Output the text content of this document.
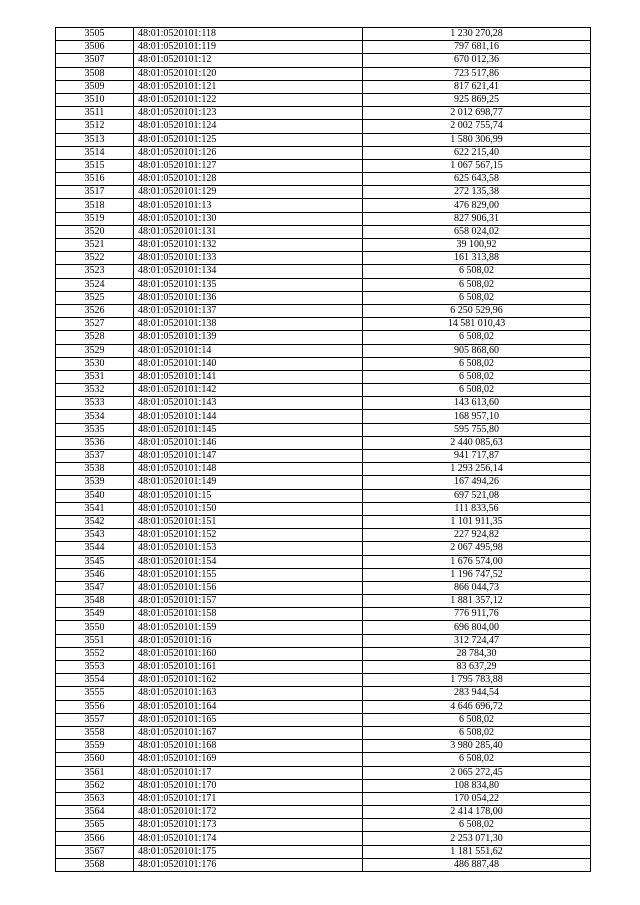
3505	48:01:0520101:118	1 230 270,28
3506	48:01:0520101:119	797 681,16
3507	48:01:0520101:12	670 012,36
3508	48:01:0520101:120	723 517,86
3509	48:01:0520101:121	817 621,41
3510	48:01:0520101:122	925 869,25
3511	48:01:0520101:123	2 012 698,77
3512	48:01:0520101:124	2 002 755,74
3513	48:01:0520101:125	1 580 306,99
3514	48:01:0520101:126	622 215,40
3515	48:01:0520101:127	1 067 567,15
3516	48:01:0520101:128	625 643,58
3517	48:01:0520101:129	272 135,38
3518	48:01:0520101:13	476 829,00
3519	48:01:0520101:130	827 906,31
3520	48:01:0520101:131	658 024,02
3521	48:01:0520101:132	39 100,92
3522	48:01:0520101:133	161 313,88
3523	48:01:0520101:134	6 508,02
3524	48:01:0520101:135	6 508,02
3525	48:01:0520101:136	6 508,02
3526	48:01:0520101:137	6 250 529,96
3527	48:01:0520101:138	14 581 010,43
3528	48:01:0520101:139	6 508,02
3529	48:01:0520101:14	905 868,60
3530	48:01:0520101:140	6 508,02
3531	48:01:0520101:141	6 508,02
3532	48:01:0520101:142	6 508,02
3533	48:01:0520101:143	143 613,60
3534	48:01:0520101:144	168 957,10
3535	48:01:0520101:145	595 755,80
3536	48:01:0520101:146	2 440 085,63
3537	48:01:0520101:147	941 717,87
3538	48:01:0520101:148	1 293 256,14
3539	48:01:0520101:149	167 494,26
3540	48:01:0520101:15	697 521,08
3541	48:01:0520101:150	111 833,56
3542	48:01:0520101:151	1 101 911,35
3543	48:01:0520101:152	227 924,82
3544	48:01:0520101:153	2 067 495,98
3545	48:01:0520101:154	1 676 574,00
3546	48:01:0520101:155	1 196 747,52
3547	48:01:0520101:156	866 044,73
3548	48:01:0520101:157	1 881 357,12
3549	48:01:0520101:158	776 911,76
3550	48:01:0520101:159	696 804,00
3551	48:01:0520101:16	312 724,47
3552	48:01:0520101:160	28 784,30
3553	48:01:0520101:161	83 637,29
3554	48:01:0520101:162	1 795 783,88
3555	48:01:0520101:163	283 944,54
3556	48:01:0520101:164	4 646 696,72
3557	48:01:0520101:165	6 508,02
3558	48:01:0520101:167	6 508,02
3559	48:01:0520101:168	3 980 285,40
3560	48:01:0520101:169	6 508,02
3561	48:01:0520101:17	2 065 272,45
3562	48:01:0520101:170	108 834,80
3563	48:01:0520101:171	170 054,22
3564	48:01:0520101:172	2 414 178,00
3565	48:01:0520101:173	6 508,02
3566	48:01:0520101:174	2 253 071,30
3567	48:01:0520101:175	1 181 551,62
3568	48:01:0520101:176	486 887,48
